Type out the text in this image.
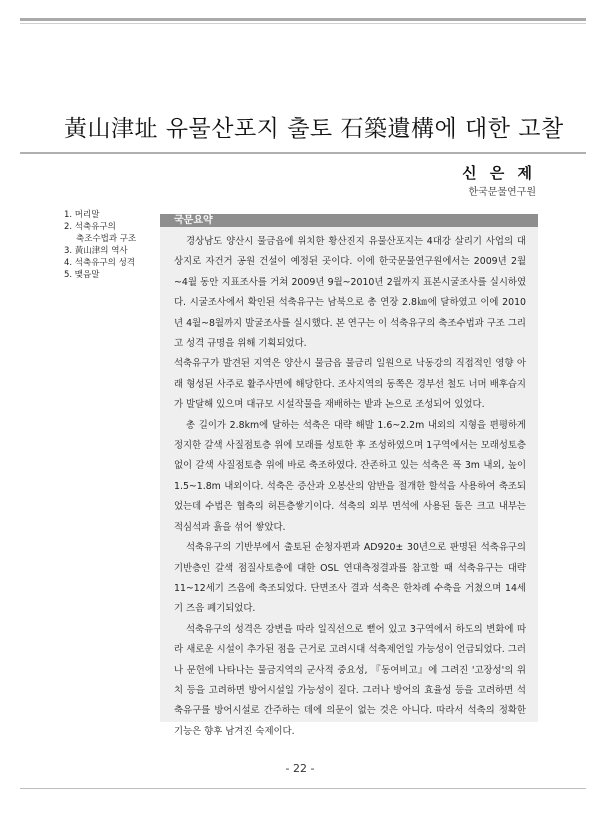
黃山津址 유물산포지 출토 石築遺構에 대한 고찰
신 은 제
한국문물연구원
1. 머리말
2. 석축유구의
축조수법과 구조
3. 黃山津의 역사
4. 석축유구의 성격
5. 맺음말
국문요약

경상남도 양산시 물금읍에 위치한 황산진지 유물산포지는 4대강 살리기 사업의 대상지로 자건거 공원 건설이 예정된 곳이다. 이에 한국문물연구원에서는 2009년 2월~4월 동안 지표조사를 거쳐 2009년 9월~2010년 2월까지 표본시굴조사를 실시하였다. 시굴조사에서 확인된 석축유구는 남북으로 총 연장 2.8㎞에 달하였고 이에 2010년 4월~8월까지 발굴조사를 실시했다. 본 연구는 이 석축유구의 축조수법과 구조 그리고 성격 규명을 위해 기획되었다.

석축유구가 발견된 지역은 양산시 물금읍 물금리 일원으로 낙동강의 직접적인 영향 아래 형성된 사주로 활주사면에 해당한다. 조사지역의 동쪽은 경부선 철도 너머 배후습지가 발달해 있으며 대규모 시설작물을 재배하는 밭과 논으로 조성되어 있었다.

총 길이가 2.8km에 달하는 석축은 대략 해발 1.6~2.2m 내외의 지형을 편평하게 정지한 갈색 사질점토층 위에 모래를 성토한 후 조성하였으며 1구역에서는 모래성토층없이 갈색 사질점토층 위에 바로 축조하였다. 잔존하고 있는 석축은 폭 3m 내외, 높이 1.5~1.8m 내외이다. 석축은 증산과 오봉산의 암반을 절개한 할석을 사용하여 축조되었는데 수법은 협축의 허튼층쌓기이다. 석축의 외부 면석에 사용된 돌은 크고 내부는 적심석과 흙을 섞어 쌓았다.

석축유구의 기반부에서 출토된 순청자편과 AD920± 30년으로 판명된 석축유구의 기반층인 갈색 점질사토층에 대한 OSL 연대측정결과를 참고할 때 석축유구는 대략 11~12세기 즈음에 축조되었다. 단면조사 결과 석축은 한차례 수축을 거쳤으며 14세기 즈음 폐기되었다.

석축유구의 성격은 강변을 따라 일직선으로 뻗어 있고 3구역에서 하도의 변화에 따라 새로운 시설이 추가된 점을 근거로 고려시대 석축제언일 가능성이 언급되었다. 그러나 문헌에 나타나는 물금지역의 군사적 중요성, 『동여비고』에 그려진 '고장성'의 위치 등을 고려하면 방어시설일 가능성이 짙다. 그러나 방어의 효율성 등을 고려하면 석축유구를 방어시설로 간주하는 데에 의문이 없는 것은 아니다. 따라서 석축의 정확한 기능은 향후 남겨진 숙제이다.

- 22 -
